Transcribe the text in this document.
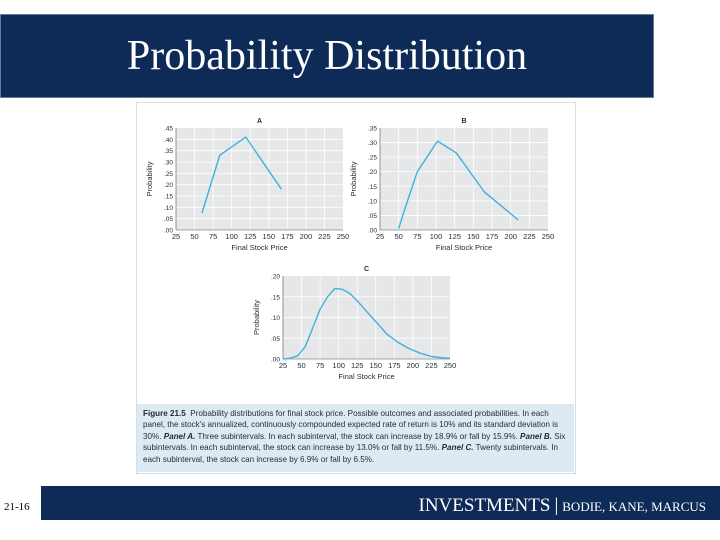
Probability Distribution
Figure 21.5 Probability distributions for final stock price. Possible outcomes and associated probabilities. In each panel, the stock's annualized, continuously compounded expected rate of return is 10% and its standard deviation is 30%. Panel A. Three subintervals. In each subinterval, the stock can increase by 18.9% or fall by 15.9%. Panel B. Six subintervals. In each subinterval, the stock can increase by 13.0% or fall by 11.5%. Panel C. Twenty subintervals. In each subinterval, the stock can increase by 6.9% or fall by 6.5%.
25 50 75 100 125 150 175 200 225 250
.00
.05
.10
.15
.20
.25
.30
.35
.40
.45
A
Final Stock Price
Probability
25 50 75 100 125 150 175 200 225 250
.00
.05
.10
.15
.20
.25
.30
.35
B
Final Stock Price
Probability
25 50 75 100 125 150 175 200 225 250
.00
.05
.10
.15
.20
C
Final Stock Price
Probability
21-16	INVESTMENTS | BODIE, KANE, MARCUS
